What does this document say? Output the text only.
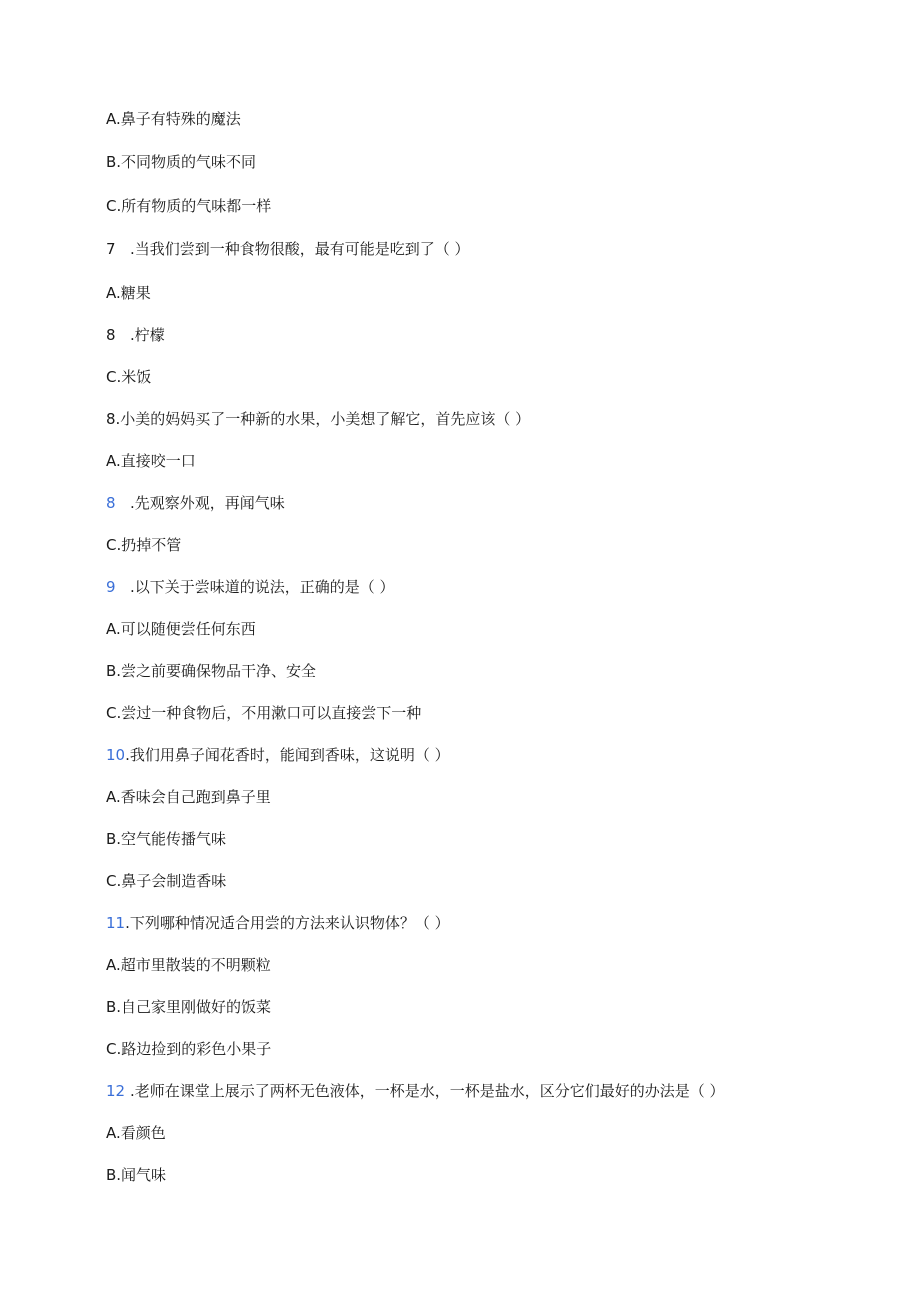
A.鼻子有特殊的魔法
B.不同物质的气味不同
C.所有物质的气味都一样
7 .当我们尝到一种食物很酸，最有可能是吃到了（ ）
A.糖果
8 .柠檬
C.米饭
8.小美的妈妈买了一种新的水果，小美想了解它，首先应该（ ）
A.直接咬一口
8 .先观察外观，再闻气味
C.扔掉不管
9 .以下关于尝味道的说法，正确的是（ ）
A.可以随便尝任何东西
B.尝之前要确保物品干净、安全
C.尝过一种食物后，不用漱口可以直接尝下一种
10.我们用鼻子闻花香时，能闻到香味，这说明（ ）
A.香味会自己跑到鼻子里
B.空气能传播气味
C.鼻子会制造香味
11.下列哪种情况适合用尝的方法来认识物体？（ ）
A.超市里散装的不明颗粒
B.自己家里刚做好的饭菜
C.路边捡到的彩色小果子
12 .老师在课堂上展示了两杯无色液体，一杯是水，一杯是盐水，区分它们最好的办法是（ ）
A.看颜色
B.闻气味
